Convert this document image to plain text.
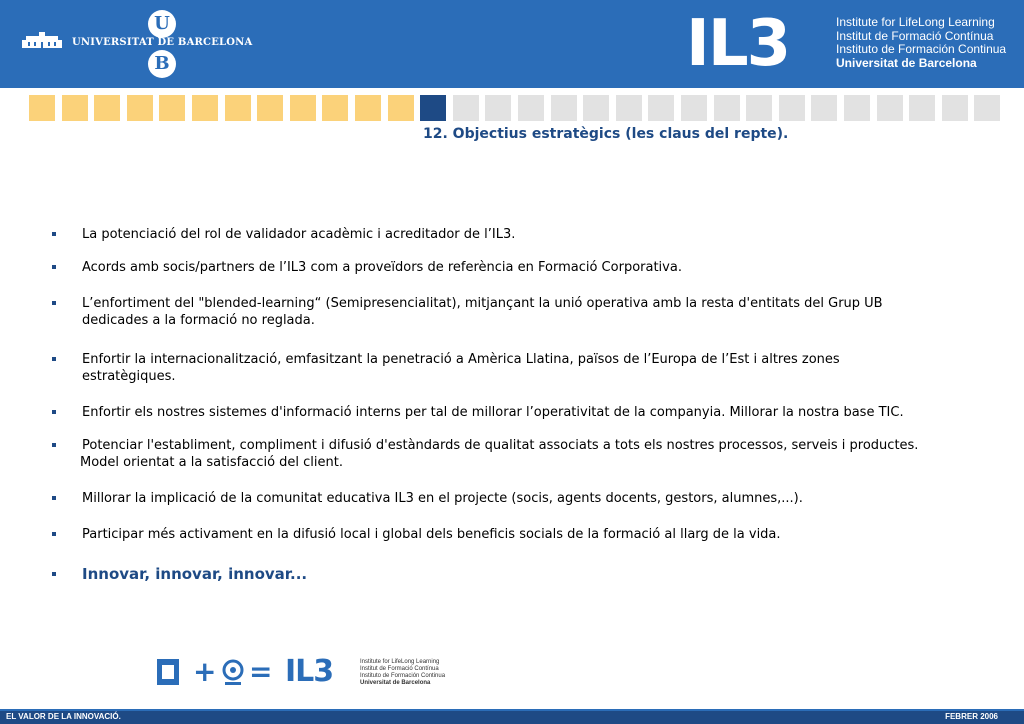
U
UNIVERSITAT DE BARCELONA
B	IL3	Institute for LifeLong Learning
Institut de Formació Contínua
Instituto de Formación Continua
Universitat de Barcelona
12. Objectius estratègics (les claus del repte).
La potenciació del rol de validador acadèmic i acreditador de l’IL3.
Acords amb socis/partners de l’IL3 com a proveïdors de referència en Formació Corporativa.
L’enfortiment del "blended-learning“ (Semipresencialitat), mitjançant la unió operativa amb la resta d'entitats del Grup UB
dedicades a la formació no reglada.
Enfortir la internacionalització, emfasitzant la penetració a Amèrica Llatina, països de l’Europa de l’Est i altres zones
estratègiques.
Enfortir els nostres sistemes d'informació interns per tal de millorar l’operativitat de la companyia. Millorar la nostra base TIC.
Potenciar l'establiment, compliment i difusió d'estàndards de qualitat associats a tots els nostres processos, serveis i productes.
Model orientat a la satisfacció del client.
Millorar la implicació de la comunitat educativa IL3 en el projecte (socis, agents docents, gestors, alumnes,...).
Participar més activament en la difusió local i global dels beneficis socials de la formació al llarg de la vida.
Innovar, innovar, innovar...
+ = IL3	Institute for LifeLong Learning
Institut de Formació Contínua
Instituto de Formación Continua
Universitat de Barcelona
EL VALOR DE LA INNOVACIÓ.	FEBRER 2006
